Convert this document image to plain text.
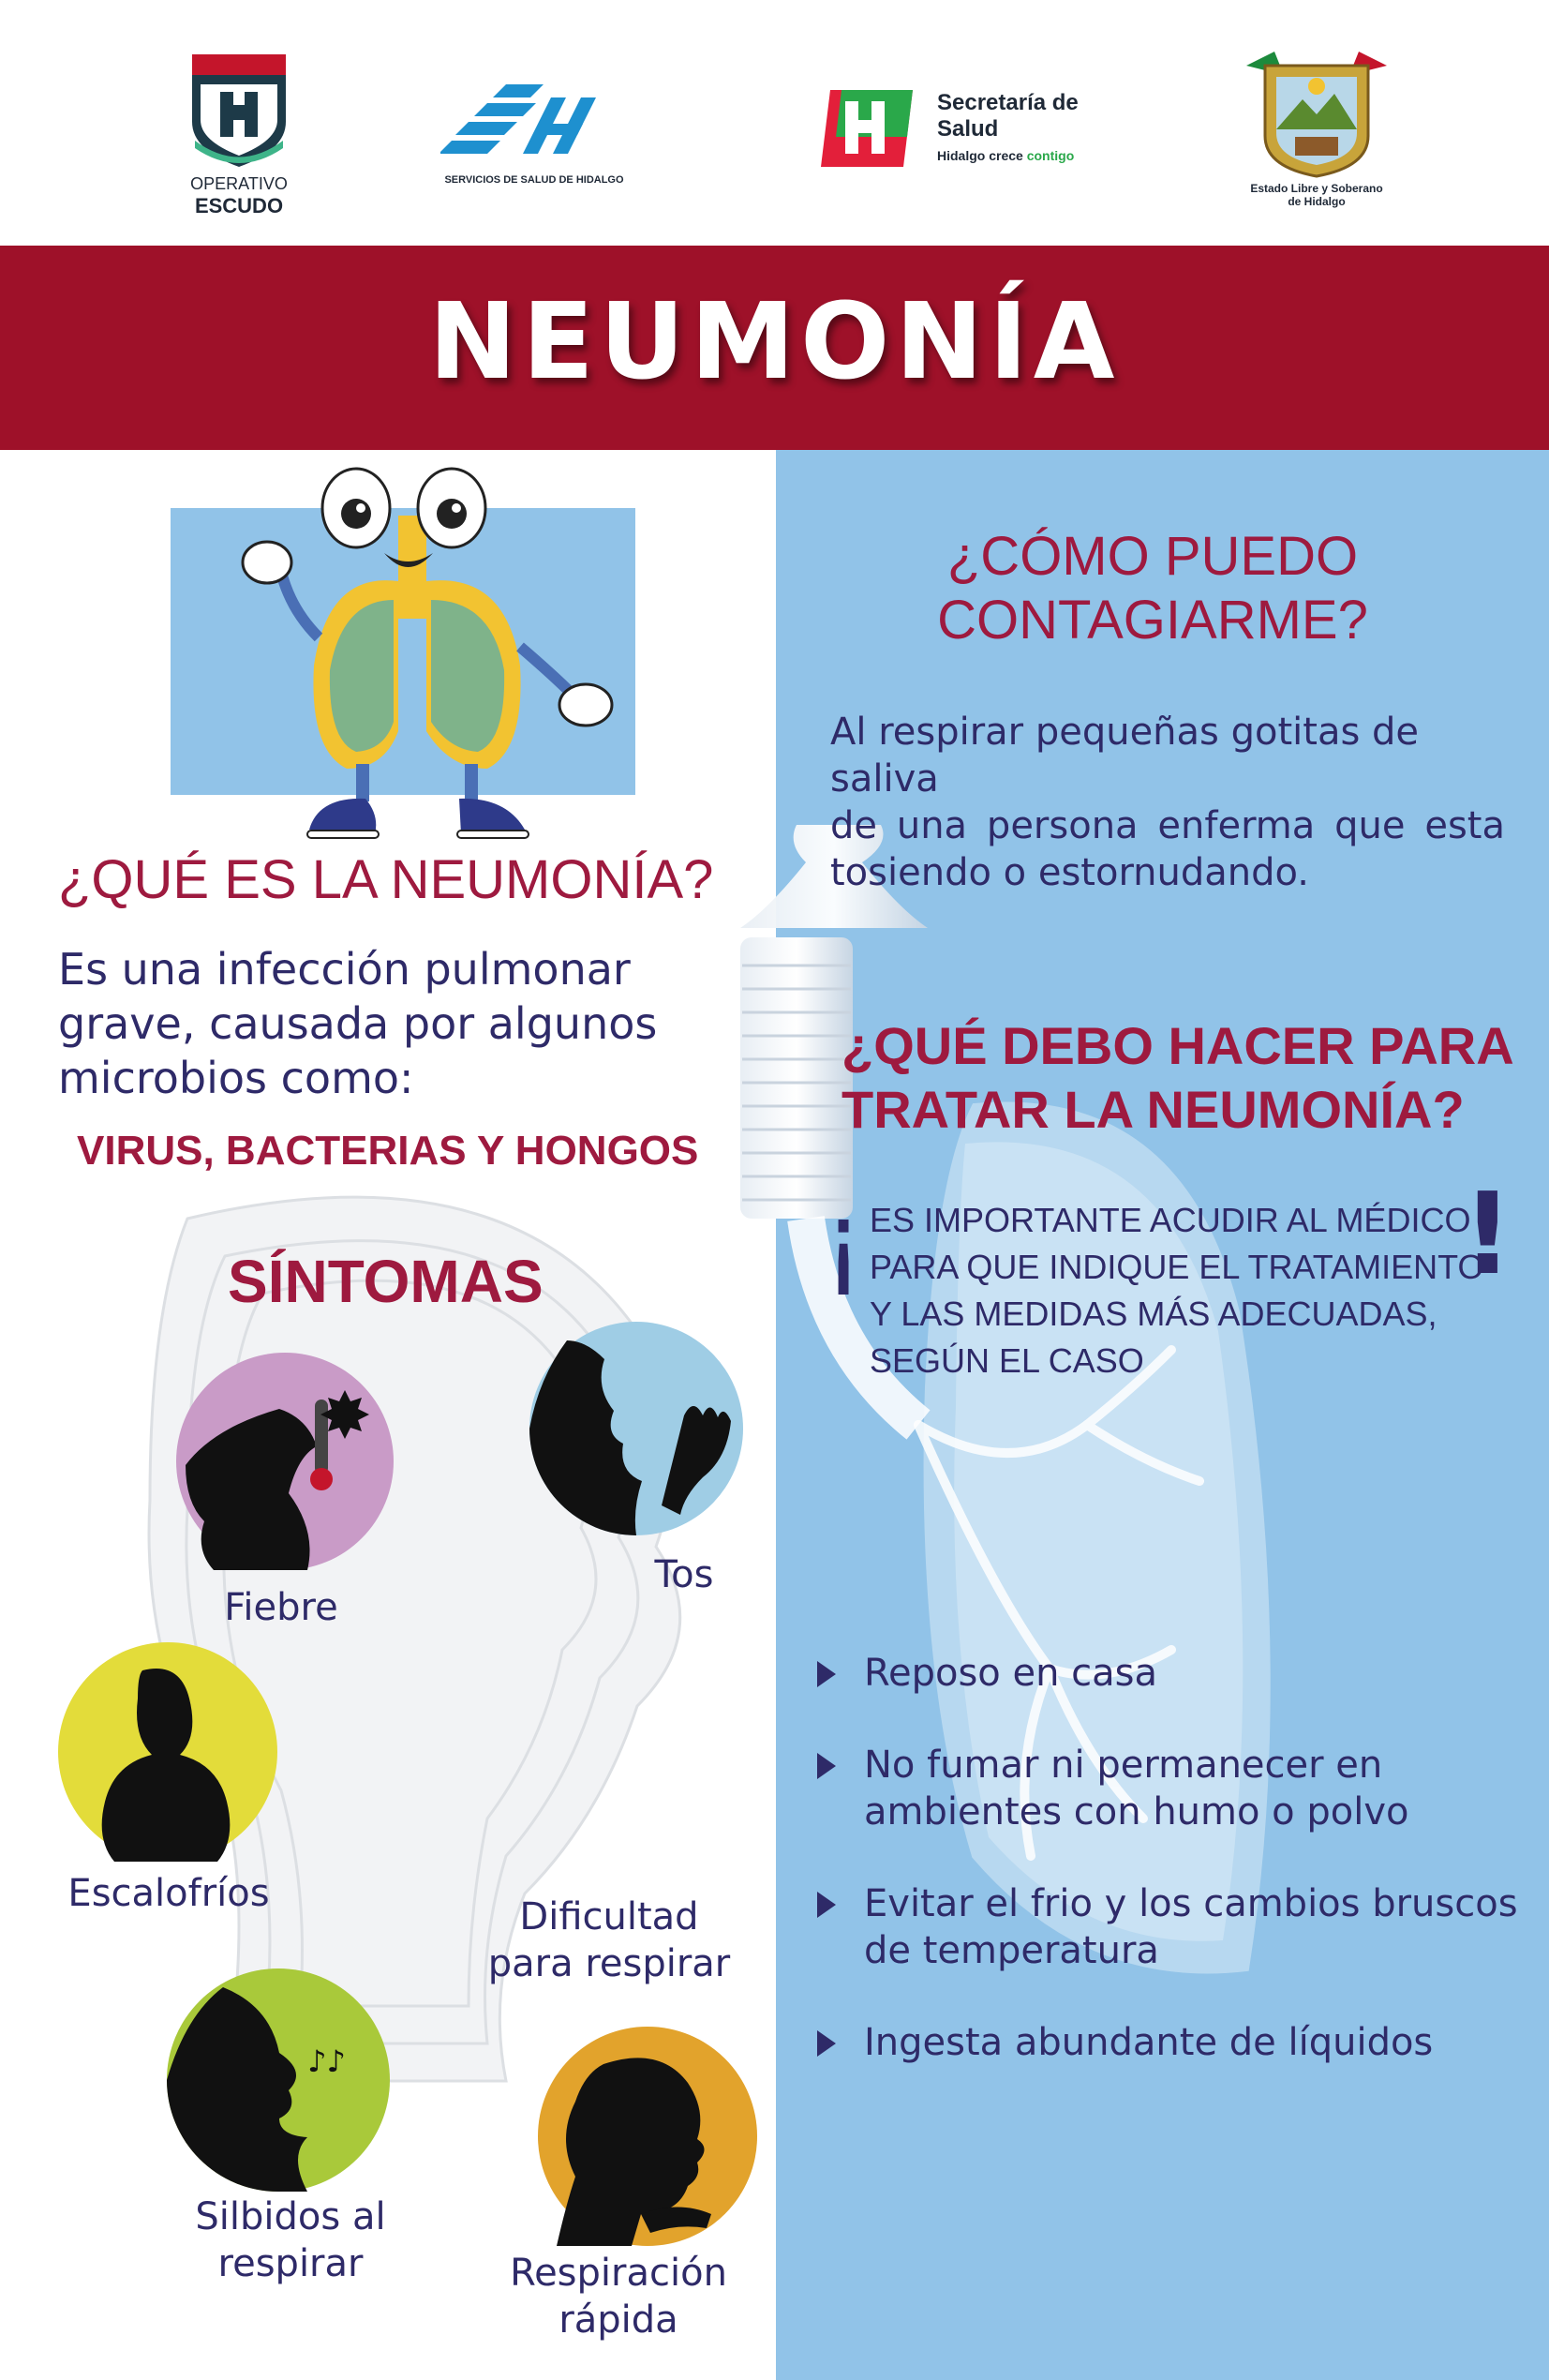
OPERATIVO
ESCUDO
SERVICIOS DE SALUD DE HIDALGO
Secretaría de
Salud
Hidalgo crece contigo
Estado Libre y Soberano
de Hidalgo
NEUMONÍA
¿QUÉ ES LA NEUMONÍA?
Es una infección pulmonar
grave, causada por algunos
microbios como:
VIRUS, BACTERIAS Y HONGOS
SÍNTOMAS
Fiebre
Tos
Escalofríos
Dificultad
para respirar
♪♪
Silbidos al
respirar	Respiración
rápida
¿CÓMO PUEDO
CONTAGIARME?
Al respirar pequeñas gotitas de saliva
de una persona enferma que esta
tosiendo o estornudando.
¿QUÉ DEBO HACER PARA
TRATAR LA NEUMONÍA?
¡	!
ES IMPORTANTE ACUDIR AL MÉDICO
PARA QUE INDIQUE EL TRATAMIENTO
Y LAS MEDIDAS MÁS ADECUADAS,
SEGÚN EL CASO
Reposo en casa
No fumar ni permanecer en
ambientes con humo o polvo
Evitar el frio y los cambios bruscos
de temperatura
Ingesta abundante de líquidos
